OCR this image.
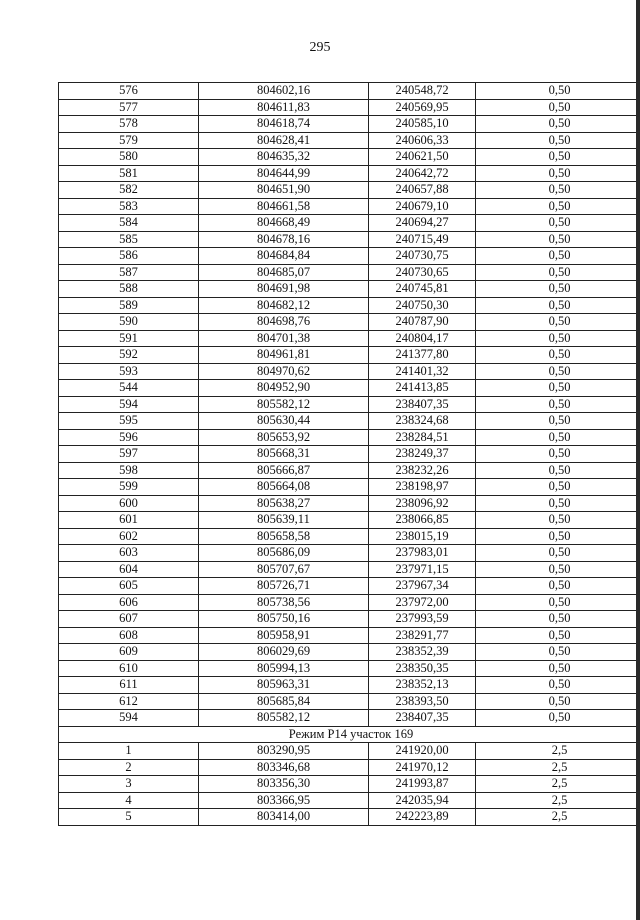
295
576	804602,16	240548,72	0,50
577	804611,83	240569,95	0,50
578	804618,74	240585,10	0,50
579	804628,41	240606,33	0,50
580	804635,32	240621,50	0,50
581	804644,99	240642,72	0,50
582	804651,90	240657,88	0,50
583	804661,58	240679,10	0,50
584	804668,49	240694,27	0,50
585	804678,16	240715,49	0,50
586	804684,84	240730,75	0,50
587	804685,07	240730,65	0,50
588	804691,98	240745,81	0,50
589	804682,12	240750,30	0,50
590	804698,76	240787,90	0,50
591	804701,38	240804,17	0,50
592	804961,81	241377,80	0,50
593	804970,62	241401,32	0,50
544	804952,90	241413,85	0,50
594	805582,12	238407,35	0,50
595	805630,44	238324,68	0,50
596	805653,92	238284,51	0,50
597	805668,31	238249,37	0,50
598	805666,87	238232,26	0,50
599	805664,08	238198,97	0,50
600	805638,27	238096,92	0,50
601	805639,11	238066,85	0,50
602	805658,58	238015,19	0,50
603	805686,09	237983,01	0,50
604	805707,67	237971,15	0,50
605	805726,71	237967,34	0,50
606	805738,56	237972,00	0,50
607	805750,16	237993,59	0,50
608	805958,91	238291,77	0,50
609	806029,69	238352,39	0,50
610	805994,13	238350,35	0,50
611	805963,31	238352,13	0,50
612	805685,84	238393,50	0,50
594	805582,12	238407,35	0,50
Режим Р14 участок 169			
1	803290,95	241920,00	2,5
2	803346,68	241970,12	2,5
3	803356,30	241993,87	2,5
4	803366,95	242035,94	2,5
5	803414,00	242223,89	2,5
